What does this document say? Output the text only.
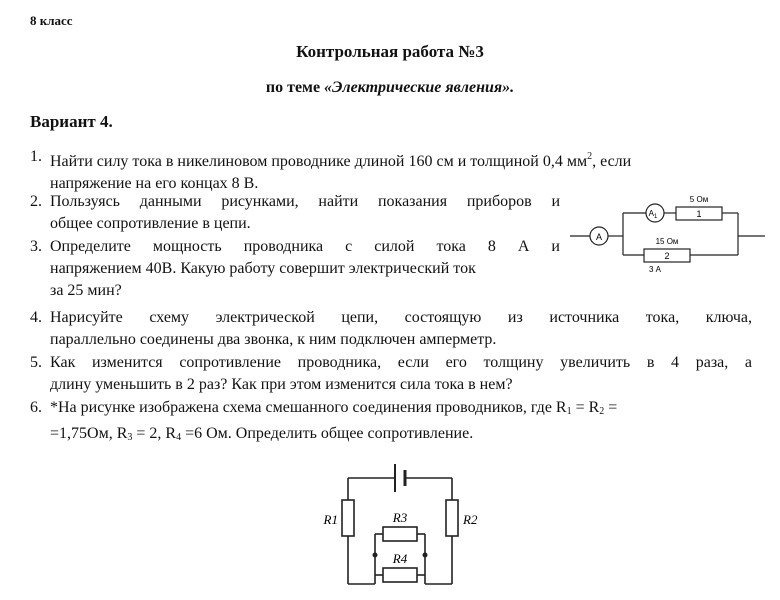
8 класс
Контрольная работа №3
по теме «Электрические явления».
Вариант 4.
1. Найти силу тока в никелиновом проводнике длиной 160 см и толщиной 0,4 $мм^2$, если
напряжение на его концах 8 В.
2. Пользуясь данными рисунками, найти показания приборов и
общее сопротивление в цепи.
3. Определите мощность проводника с силой тока 8 А и
напряжением 40В. Какую работу совершит электрический ток
за 25 мин?
4. Нарисуйте схему электрической цепи, состоящую из источника тока, ключа,
параллельно соединены два звонка, к ним подключен амперметр.
5. Как изменится сопротивление проводника, если его толщину увеличить в 4 раза, а
длину уменьшить в 2 раз? Как при этом изменится сила тока в нем?
6. *На рисунке изображена схема смешанного соединения проводников, где $R_1 = R_2$ =
=1,75Ом, $R_3 = 2$, $R_4 =6$ Ом. Определить общее сопротивление.
A
$A_1$
5 Ом
1
15 Ом
2
3 А
R1	R2
R3
R4
